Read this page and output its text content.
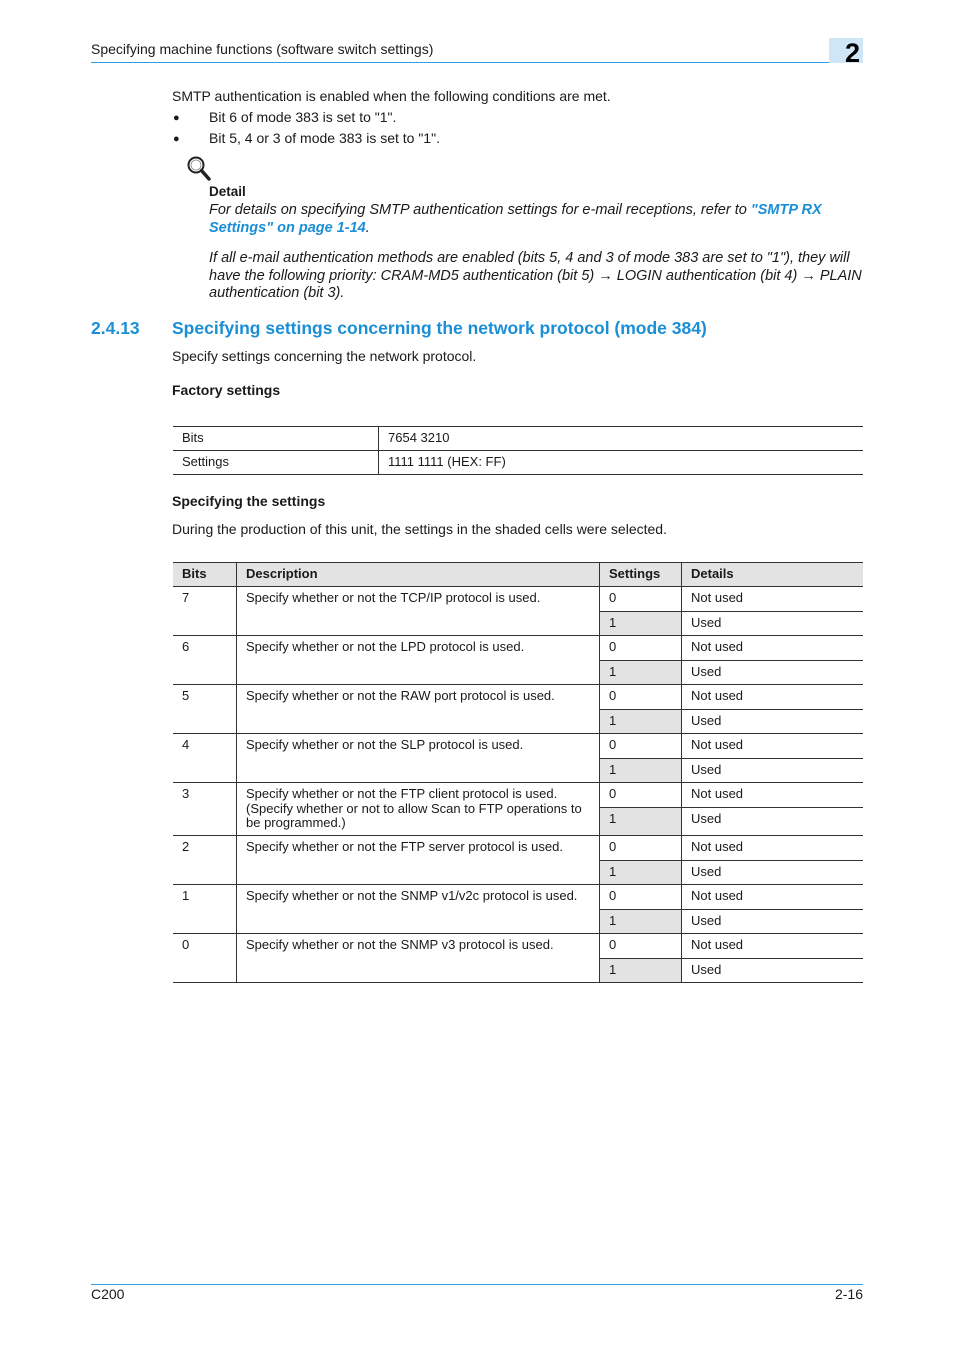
Specifying machine functions (software switch settings)	2
SMTP authentication is enabled when the following conditions are met.
● Bit 6 of mode 383 is set to "1".
● Bit 5, 4 or 3 of mode 383 is set to "1".
Detail
For details on specifying SMTP authentication settings for e-mail receptions, refer to "SMTP RX
Settings" on page 1-14.
If all e-mail authentication methods are enabled (bits 5, 4 and 3 of mode 383 are set to "1"), they will
have the following priority: CRAM-MD5 authentication (bit 5) → LOGIN authentication (bit 4) → PLAIN
authentication (bit 3).
2.4.13 Specifying settings concerning the network protocol (mode 384)
Specify settings concerning the network protocol.
Factory settings
Bits	7654 3210
Settings	1111 1111 (HEX: FF)
Specifying the settings
During the production of this unit, the settings in the shaded cells were selected.
Bits	Description	Settings	Details
7	Specify whether or not the TCP/IP protocol is used.	0	Not used
		1	Used
6	Specify whether or not the LPD protocol is used.	0	Not used
		1	Used
5	Specify whether or not the RAW port protocol is used.	0	Not used
		1	Used
4	Specify whether or not the SLP protocol is used.	0	Not used
		1	Used
3	Specify whether or not the FTP client protocol is used. (Specify whether or not to allow Scan to FTP operations to be programmed.)	0	Not used
		1	Used
2	Specify whether or not the FTP server protocol is used.	0	Not used
		1	Used
1	Specify whether or not the SNMP v1/v2c protocol is used.	0	Not used
		1	Used
0	Specify whether or not the SNMP v3 protocol is used.	0	Not used
		1	Used
C200	2-16
